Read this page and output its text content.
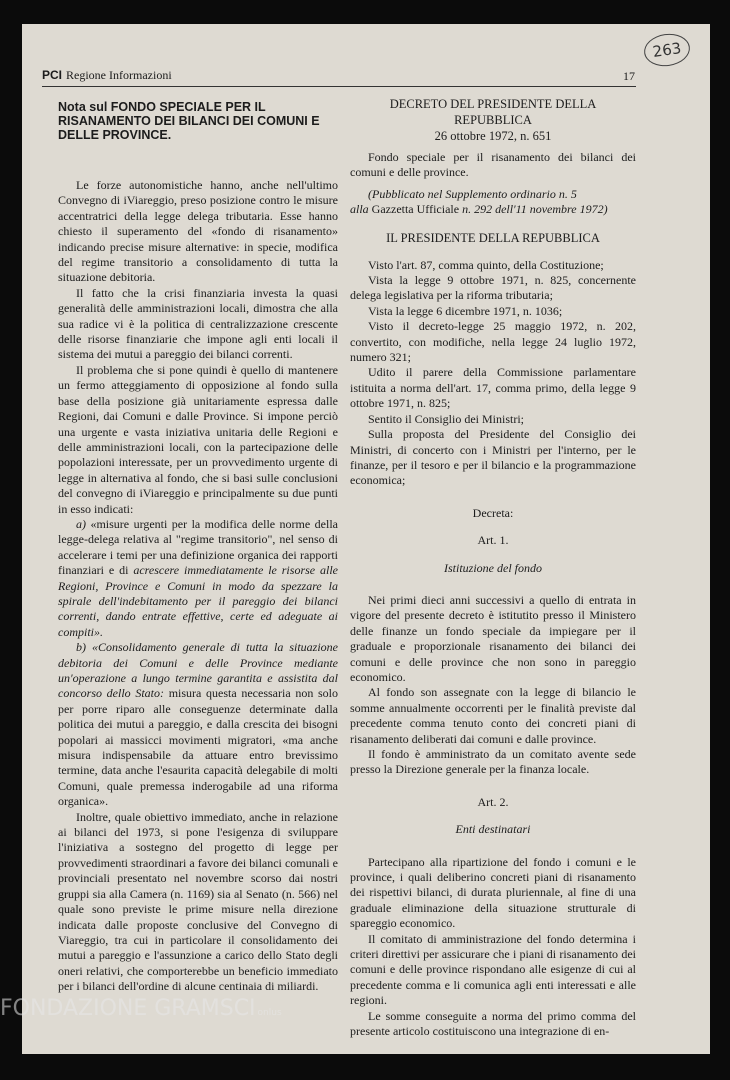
PCI Regione Informazioni	17
263
Nota sul FONDO SPECIALE PER IL RISANAMENTO DEI BILANCI DEI COMUNI E DELLE PROVINCE.

Le forze autonomistiche hanno, anche nell'ultimo Convegno di iViareggio, preso posizione contro le misure accentratrici della legge delega tributaria. Esse hanno chiesto il superamento del «fondo di risanamento» indicando precise misure alternative: in specie, modifica del regime transitorio a consolidamento di tutta la situazione debitoria.

Il fatto che la crisi finanziaria investa la quasi generalità delle amministrazioni locali, dimostra che alla sua radice vi è la politica di centralizzazione crescente delle risorse finanziarie che impone agli enti locali il sistema dei mutui a pareggio dei bilanci correnti.

Il problema che si pone quindi è quello di mantenere un fermo atteggiamento di opposizione al fondo sulla base della posizione già unitariamente espressa dalle Regioni, dai Comuni e dalle Province. Si impone perciò una urgente e vasta iniziativa unitaria delle Regioni e delle amministrazioni locali, con la partecipazione delle popolazioni interessate, per un provvedimento urgente di legge in alternativa al fondo, che si basi sulle conclusioni del convegno di iViareggio e principalmente su due punti in esso indicati:

a) «misure urgenti per la modifica delle norme della legge-delega relativa al "regime transitorio", nel senso di accelerare i temi per una definizione organica dei rapporti finanziari e di acrescere immediatamente le risorse alle Regioni, Province e Comuni in modo da spezzare la spirale dell'indebitamento per il pareggio dei bilanci correnti, dando entrate effettive, certe ed adeguate ai compiti».

b) «Consolidamento generale di tutta la situazione debitoria dei Comuni e delle Province mediante un'operazione a lungo termine garantita e assistita dal concorso dello Stato: misura questa necessaria non solo per porre riparo alle conseguenze determinate dalla politica dei mutui a pareggio, e dalla crescita dei bisogni popolari ai massicci movimenti migratori, «ma anche misura indispensabile da attuare entro brevissimo termine, data anche l'esaurita capacità delegabile di molti Comuni, quale premessa inderogabile ad una riforma organica».

Inoltre, quale obiettivo immediato, anche in relazione ai bilanci del 1973, si pone l'esigenza di sviluppare l'iniziativa a sostegno del progetto di legge per provvedimenti straordinari a favore dei bilanci comunali e provinciali presentato nel novembre scorso dai nostri gruppi sia alla Camera (n. 1169) sia al Senato (n. 566) nel quale sono previste le prime misure nella direzione indicata dalle proposte conclusive del Convegno di Viareggio, tra cui in particolare il consolidamento dei mutui a pareggio e l'assunzione a carico dello Stato degli oneri relativi, che comporterebbe un beneficio immediato per i bilanci dell'ordine di alcune centinaia di miliardi.

DECRETO DEL PRESIDENTE DELLA REPUBBLICA
26 ottobre 1972, n. 651

Fondo speciale per il risanamento dei bilanci dei comuni e delle province.

(Pubblicato nel Supplemento ordinario n. 5
alla Gazzetta Ufficiale n. 292 dell'11 novembre 1972)

IL PRESIDENTE DELLA REPUBBLICA

Visto l'art. 87, comma quinto, della Costituzione;

Vista la legge 9 ottobre 1971, n. 825, concernente delega legislativa per la riforma tributaria;

Vista la legge 6 dicembre 1971, n. 1036;

Visto il decreto-legge 25 maggio 1972, n. 202, convertito, con modifiche, nella legge 24 luglio 1972, numero 321;

Udito il parere della Commissione parlamentare istituita a norma dell'art. 17, comma primo, della legge 9 ottobre 1971, n. 825;

Sentito il Consiglio dei Ministri;

Sulla proposta del Presidente del Consiglio dei Ministri, di concerto con i Ministri per l'interno, per le finanze, per il tesoro e per il bilancio e la programmazione economica;

Decreta:

Art. 1.

Istituzione del fondo

Nei primi dieci anni successivi a quello di entrata in vigore del presente decreto è istitutito presso il Ministero delle finanze un fondo speciale da impiegare per il graduale e proporzionale risanamento dei bilanci dei comuni e delle province che non sono in pareggio economico.

Al fondo son assegnate con la legge di bilancio le somme annualmente occorrenti per le finalità previste dal precedente comma tenuto conto dei concreti piani di risanamento deliberati dai comuni e dalle province.

Il fondo è amministrato da un comitato avente sede presso la Direzione generale per la finanza locale.

Art. 2.

Enti destinatari

Partecipano alla ripartizione del fondo i comuni e le province, i quali deliberino concreti piani di risanamento dei rispettivi bilanci, di durata pluriennale, al fine di una graduale eliminazione della situazione strutturale di spareggio economico.

Il comitato di amministrazione del fondo determina i criteri direttivi per assicurare che i piani di risanamento dei comuni e delle province rispondano alle esigenze di cui al precedente comma e li comunica agli enti interessati e alle regioni.

Le somme conseguite a norma del primo comma del presente articolo costituiscono una integrazione di en-

FONDAZIONE GRAMSCI onlus
